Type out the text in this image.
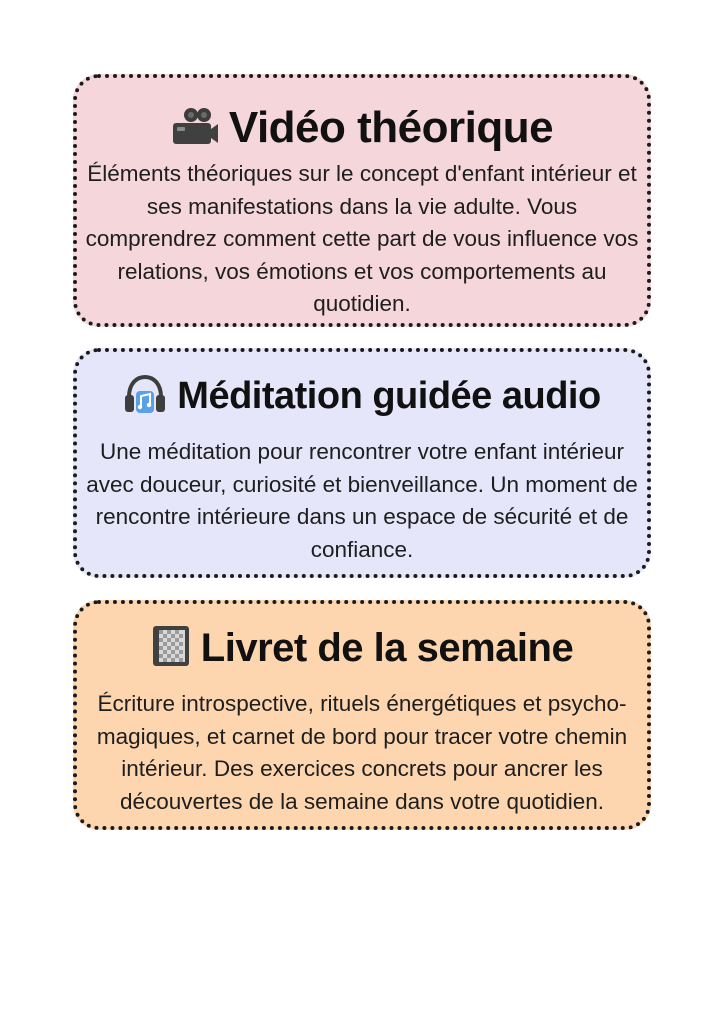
Vidéo théorique

Éléments théoriques sur le concept d'enfant intérieur et ses manifestations dans la vie adulte. Vous comprendrez comment cette part de vous influence vos relations, vos émotions et vos comportements au quotidien.

Méditation guidée audio

Une méditation pour rencontrer votre enfant intérieur avec douceur, curiosité et bienveillance. Un moment de rencontre intérieure dans un espace de sécurité et de confiance.

Livret de la semaine

Écriture introspective, rituels énergétiques et psycho-magiques, et carnet de bord pour tracer votre chemin intérieur. Des exercices concrets pour ancrer les découvertes de la semaine dans votre quotidien.
